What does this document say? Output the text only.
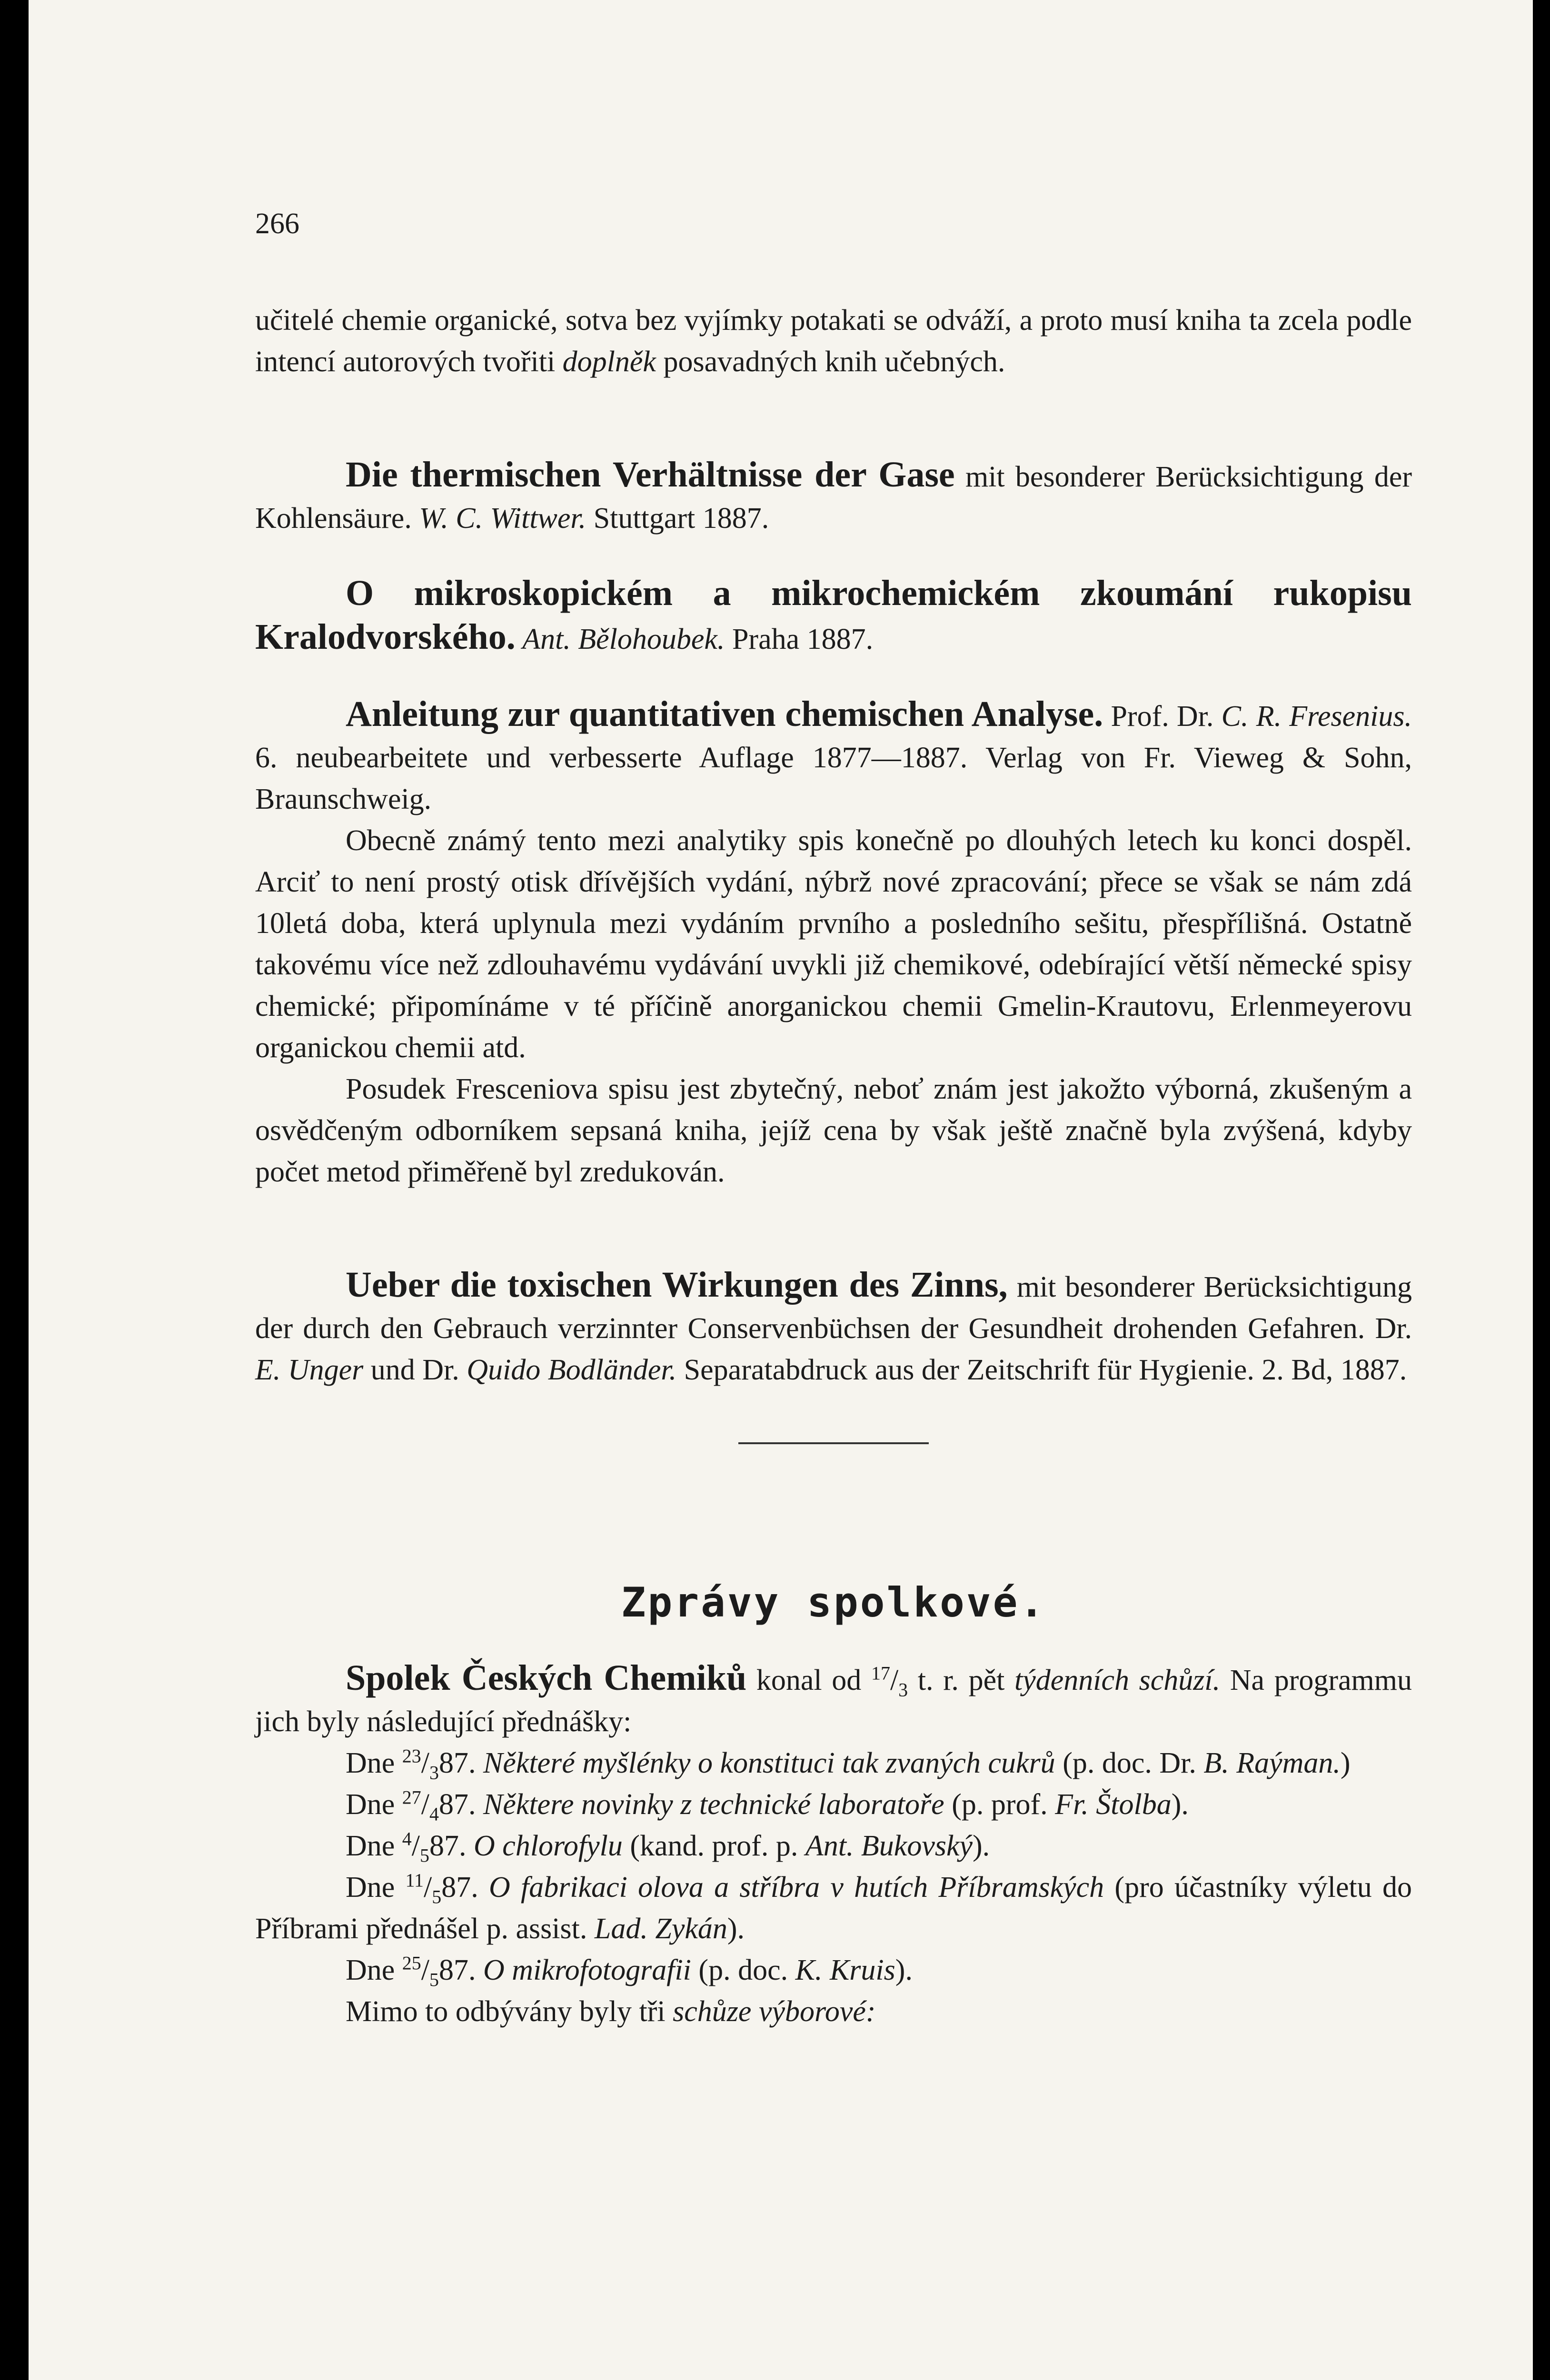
266

učitelé chemie organické, sotva bez vyjímky potakati se odváží, a proto musí kniha ta zcela podle intencí autorových tvořiti doplněk posavadných knih učebných.

Die thermischen Verhältnisse der Gase mit besonderer Berücksichtigung der Kohlensäure. W. C. Wittwer. Stuttgart 1887.

O mikroskopickém a mikrochemickém zkoumání rukopisu Kralodvorského. Ant. Bělohoubek. Praha 1887.

Anleitung zur quantitativen chemischen Analyse. Prof. Dr. C. R. Fresenius. 6. neubearbeitete und verbesserte Auflage 1877—1887. Verlag von Fr. Vieweg & Sohn, Braunschweig.

Obecně známý tento mezi analytiky spis konečně po dlouhých letech ku konci dospěl. Arciť to není prostý otisk dřívějších vydání, nýbrž nové zpracování; přece se však se nám zdá 10letá doba, která uplynula mezi vydáním prvního a posledního sešitu, přespřílišná. Ostatně takovému více než zdlouhavému vydávání uvykli již chemikové, odebírající větší německé spisy chemické; připomínáme v té příčině anorganickou chemii Gmelin-Krautovu, Erlenmeyerovu organickou chemii atd.

Posudek Fresceniova spisu jest zbytečný, neboť znám jest jakožto výborná, zkušeným a osvědčeným odborníkem sepsaná kniha, jejíž cena by však ještě značně byla zvýšená, kdyby počet metod přiměřeně byl zredukován.

Ueber die toxischen Wirkungen des Zinns, mit besonderer Berücksichtigung der durch den Gebrauch verzinnter Conservenbüchsen der Gesundheit drohenden Gefahren. Dr. E. Unger und Dr. Quido Bodländer. Separatabdruck aus der Zeitschrift für Hygienie. 2. Bd, 1887.

Zprávy spolkové.

Spolek Českých Chemiků konal od $^{17}/_3$ t. r. pět týdenních schůzí. Na programmu jich byly následující přednášky:

Dne $^{23}/_387$. Některé myšlénky o konstituci tak zvaných cukrů (p. doc. Dr. B. Raýman.)

Dne $^{27}/_487$. Některe novinky z technické laboratoře (p. prof. Fr. Štolba).

Dne $^4/_587$. O chlorofylu (kand. prof. p. Ant. Bukovský).

Dne $^{11}/_587$. O fabrikaci olova a stříbra v hutích Příbramských (pro účastníky výletu do Příbrami přednášel p. assist. Lad. Zykán).

Dne $^{25}/_587$. O mikrofotografii (p. doc. K. Kruis).

Mimo to odbývány byly tři schůze výborové:
